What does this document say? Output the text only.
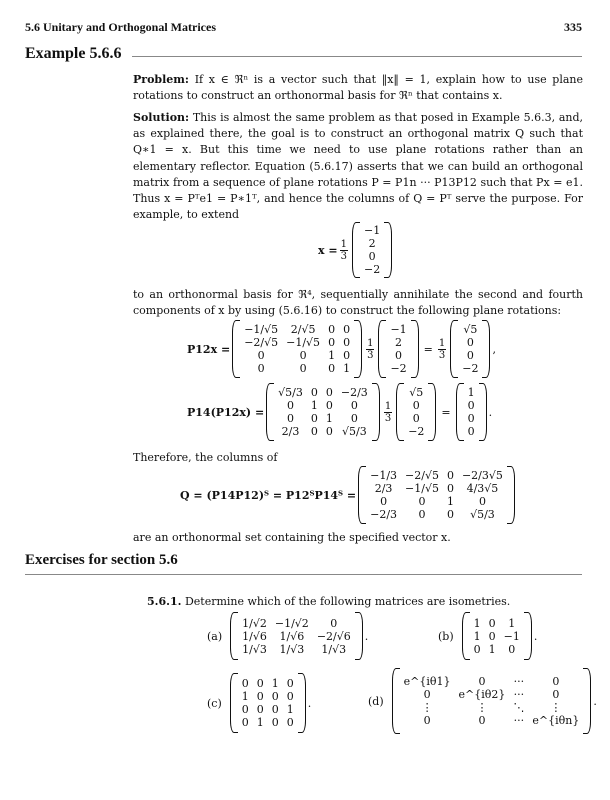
5.6 Unitary and Orthogonal Matrices	335
Example 5.6.6
Problem: If x ∈ ℜⁿ is a vector such that ‖x‖ = 1, explain how to use plane rotations to construct an orthonormal basis for ℜⁿ that contains x.
Solution: This is almost the same problem as that posed in Example 5.6.3, and, as explained there, the goal is to construct an orthogonal matrix Q such that Q∗1 = x. But this time we need to use plane rotations rather than an elementary reflector. Equation (5.6.17) asserts that we can build an orthogonal matrix from a sequence of plane rotations P = P1n ··· P13P12 such that Px = e1. Thus x = Pᵀe1 = P∗1ᵀ, and hence the columns of Q = Pᵀ serve the purpose. For example, to extend
$x = \frac{1}{3}$
−1
2
0
−2
to an orthonormal basis for ℜ⁴, sequentially annihilate the second and fourth components of x by using (5.6.16) to construct the following plane rotations:
P12x =
−1/√5	2/√5	0	0
−2/√5	−1/√5	0	0
0	0	1	0
0	0	0	1
$\frac{1}{3}$
−1
2
0
−2
= $\frac{1}{3}$
√5
0
0
−2
,
P14(P12x) =
√5/3	0	0	−2/3
0	1	0	0
0	0	1	0
2/3	0	0	√5/3
$\frac{1}{3}$
√5
0
0
−2
=
1
0
0
0
.
Therefore, the columns of
Q = (P14P12)ᵀ = P12ᵀP14ᵀ =
−1/3	−2/√5	0	−2/3√5
2/3	−1/√5	0	4/3√5
0	0	1	0
−2/3	0	0	√5/3
are an orthonormal set containing the specified vector x.
Exercises for section 5.6
5.6.1. Determine which of the following matrices are isometries.
(a)
1/√2	−1/√2	0
1/√6	1/√6	−2/√6
1/√3	1/√3	1/√3
.	(b)
1	0	1
1	0	−1
0	1	0
.
(c)
0	0	1	0
1	0	0	0
0	0	0	1
0	1	0	0
.	(d)
e^{iθ1}	0	···	0
0	e^{iθ2}	···	0
⋮	⋮	⋱	⋮
0	0	···	e^{iθn}
.
